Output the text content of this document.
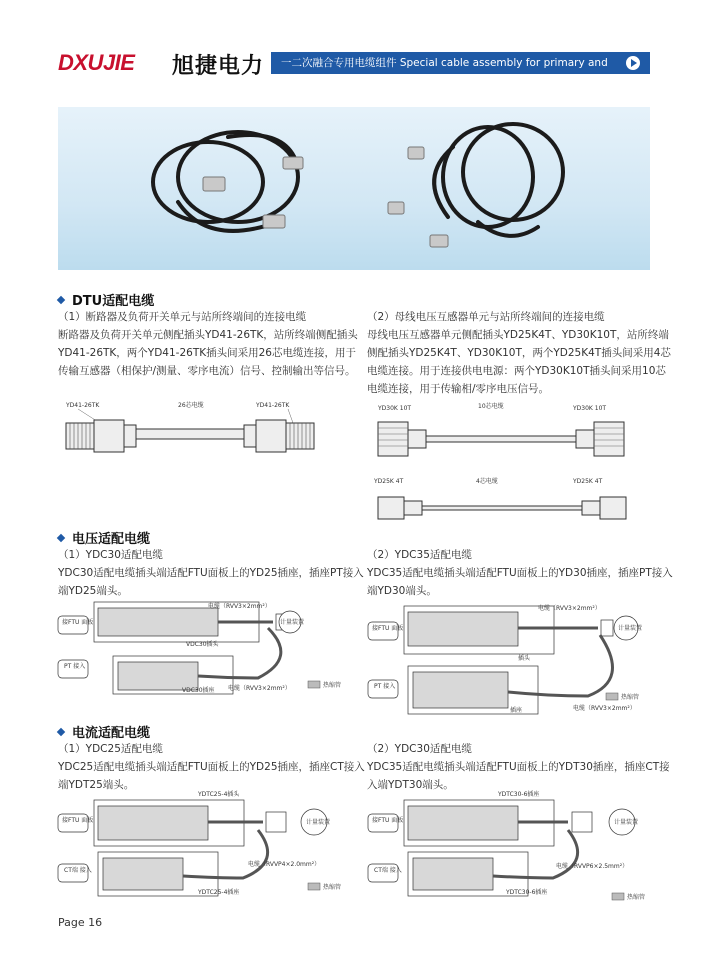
DXUJIE	旭捷电力	一二次融合专用电缆组件 Special cable assembly for primary and secondary fusion
DTU适配电缆
（1）断路器及负荷开关单元与站所终端间的连接电缆
断路器及负荷开关单元侧配插头YD41-26TK，站所终端侧配插头
YD41-26TK，两个YD41-26TK插头间采用26芯电缆连接，用于
传输互感器（相保护/测量、零序电流）信号、控制输出等信号。
（2）母线电压互感器单元与站所终端间的连接电缆
母线电压互感器单元侧配插头YD25K4T、YD30K10T，站所终端
侧配插头YD25K4T、YD30K10T，两个YD25K4T插头间采用4芯
电缆连接。用于连接供电电源：两个YD30K10T插头间采用10芯
电缆连接，用于传输相/零序电压信号。
YD41-26TK	26芯电缆	YD41-26TK	YD30K 10T	10芯电缆	YD30K 10T
YD25K 4T	4芯电缆	YD25K 4T
电压适配电缆
（1）YDC30适配电缆
YDC30适配电缆插头端适配FTU面板上的YD25插座，插座PT接入
端YD25端头。
（2）YDC35适配电缆
YDC35适配电缆插头端适配FTU面板上的YD30插座，插座PT接入
端YD30端头。
接FTU 面板
电缆（RVV3×2mm²）
计量装置
VDC30插头
PT 接入
VDC30插座 电缆（RVV3×2mm²）	热缩管
接FTU 面板
电缆（RVV3×2mm²）
计量装置
插头
PT 接入
插座	电缆（RVV3×2mm²）
热缩管
电流适配电缆
（1）YDC25适配电缆
YDC25适配电缆插头端适配FTU面板上的YD25插座，插座CT接入
端YDT25端头。
（2）YDC30适配电缆
YDC35适配电缆插头端适配FTU面板上的YDT30插座，插座CT接
入端YDT30端头。
YDTC25-4插头
接FTU 面板	计量装置
CT端 接入
电缆（RVVP4×2.0mm²）
YDTC25-4插座
热缩管
YDTC30-6插座
接FTU 面板	计量装置
CT端 接入
电缆（RVVP6×2.5mm²）
YDTC30-6插座
热缩管
Page 16
